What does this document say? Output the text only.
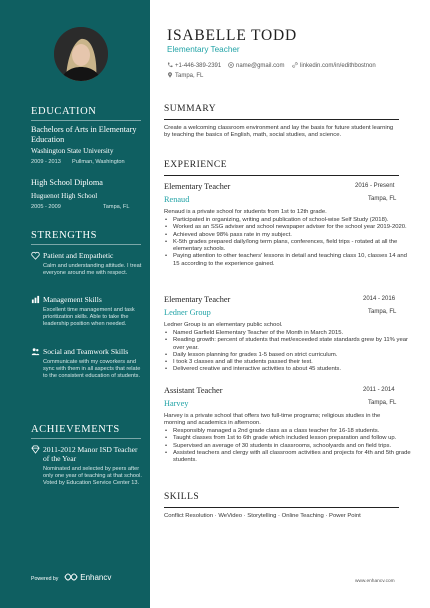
EDUCATION
Bachelors of Arts in Elementary Education
Washington State University
2009 - 2013 Pullman, Washington
High School Diploma
Huguenot High School
2005 - 2009	Tampa, FL
STRENGTHS
Patient and Empathetic
Calm and understanding attitude. I treat everyone around me with respect.
Management Skills
Excellent time management and task prioritization skills. Able to take the leadership position when needed.
Social and Teamwork Skills
Communicate with my coworkers and sync with them in all aspects that relate to the consistent education of students.
ACHIEVEMENTS
2011-2012 Manor ISD Teacher of the Year
Nominated and selected by peers after only one year of teaching at that school. Voted by Education Service Center 13.
Powered by	Enhancv
ISABELLE TODD
Elementary Teacher
+1-446-389-2391	name@gmail.com	linkedin.com/in/edithbostnon
Tampa, FL
SUMMARY
Create a welcoming classroom environment and lay the basis for future student learning by teaching the basics of English, math, social studies, and science.
EXPERIENCE
Elementary Teacher	2016 - Present
Renaud	Tampa, FL
Renaud is a private school for students from 1st to 12th grade.
• Participated in organizing, writing and publication of school-wise Self Study (2018).
• Worked as an SSG adviser and school newspaper adviser for the school year 2019-2020.
• Achieved above 98% pass rate in my subject.
• K-5th grades prepared daily/long term plans, conferences, field trips - rotated at all the elementary schools.
• Paying attention to other teachers' lessons in detail and teaching class 10, classes 14 and 15 according to the experience gained.
Elementary Teacher	2014 - 2016
Ledner Group	Tampa, FL
Ledner Group is an elementary public school.
• Named Garfield Elementary Teacher of the Month in March 2015.
• Reading growth: percent of students that met/exceeded state standards grew by 11% year over year.
• Daily lesson planning for grades 1-5 based on strict curriculum.
• I took 3 classes and all the students passed their test.
• Delivered creative and interactive activities to about 45 students.
Assistant Teacher	2011 - 2014
Harvey	Tampa, FL
Harvey is a private school that offers two full-time programs; religious studies in the morning and academics in afternoon.
• Responsibly managed a 2nd grade class as a class teacher for 16-18 students.
• Taught classes from 1st to 6th grade which included lesson preparation and follow up.
• Supervised an average of 30 students in classrooms, schoolyards and on field trips.
• Assisted teachers and clergy with all classroom activities and projects for 4th and 5th grade students.
SKILLS
Conflict Resolution · WeVideo · Storytelling · Online Teaching · Power Point
www.enhancv.com
